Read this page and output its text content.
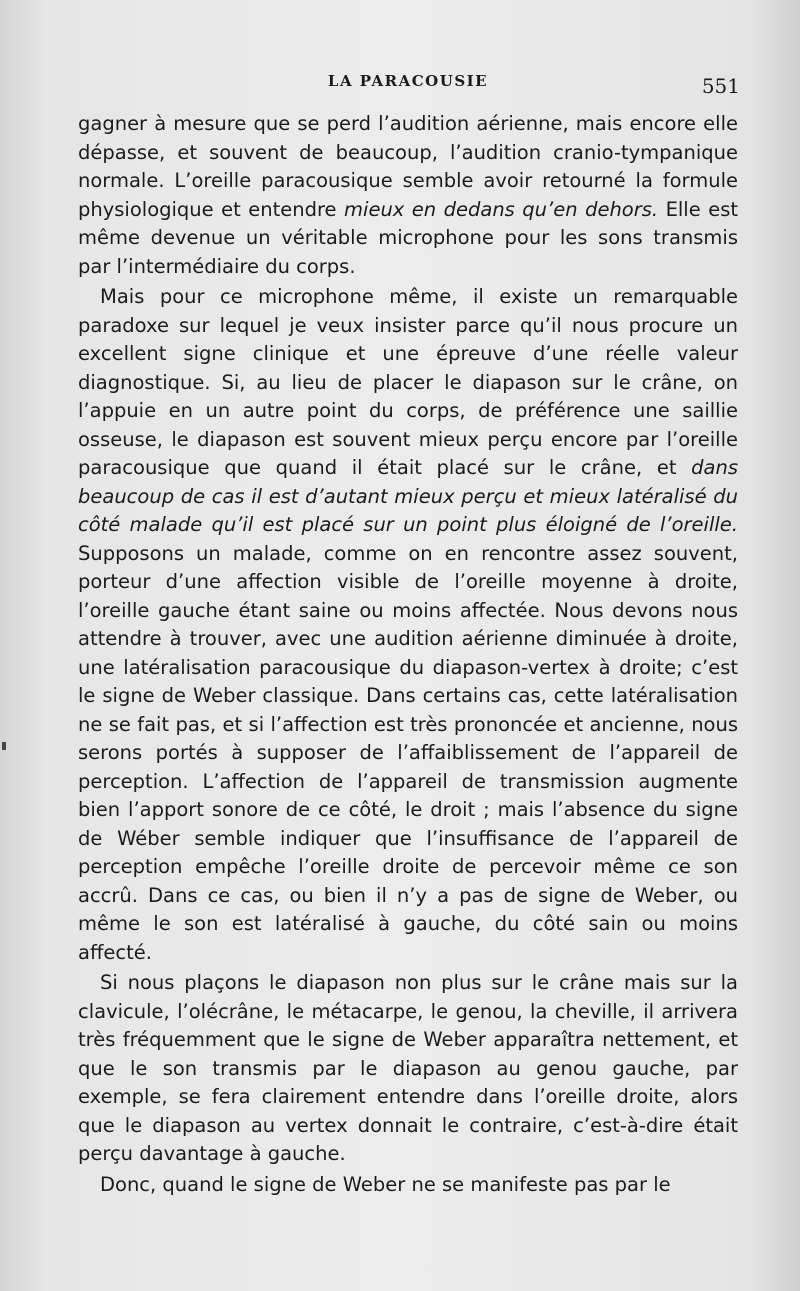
LA PARACOUSIE	551

gagner à mesure que se perd l’audition aérienne, mais encore elle dépasse, et souvent de beaucoup, l’audition cranio-tympanique normale. L’oreille paracousique semble avoir retourné la formule physiologique et entendre mieux en dedans qu’en dehors. Elle est même devenue un véritable microphone pour les sons transmis par l’intermédiaire du corps.

Mais pour ce microphone même, il existe un remarquable paradoxe sur lequel je veux insister parce qu’il nous procure un excellent signe clinique et une épreuve d’une réelle valeur diagnostique. Si, au lieu de placer le diapason sur le crâne, on l’appuie en un autre point du corps, de préférence une saillie osseuse, le diapason est souvent mieux perçu encore par l’oreille paracousique que quand il était placé sur le crâne, et dans beaucoup de cas il est d’autant mieux perçu et mieux latéralisé du côté malade qu’il est placé sur un point plus éloigné de l’oreille. Supposons un malade, comme on en rencontre assez souvent, porteur d’une affection visible de l’oreille moyenne à droite, l’oreille gauche étant saine ou moins affectée. Nous devons nous attendre à trouver, avec une audition aérienne diminuée à droite, une latéralisation paracousique du diapason-vertex à droite; c’est le signe de Weber classique. Dans certains cas, cette latéralisation ne se fait pas, et si l’affection est très prononcée et ancienne, nous serons portés à supposer de l’affaiblissement de l’appareil de perception. L’affection de l’appareil de transmission augmente bien l’apport sonore de ce côté, le droit ; mais l’absence du signe de Wéber semble indiquer que l’insuffisance de l’appareil de perception empêche l’oreille droite de percevoir même ce son accrû. Dans ce cas, ou bien il n’y a pas de signe de Weber, ou même le son est latéralisé à gauche, du côté sain ou moins affecté.

Si nous plaçons le diapason non plus sur le crâne mais sur la clavicule, l’olécrâne, le métacarpe, le genou, la cheville, il arrivera très fréquemment que le signe de Weber apparaîtra nettement, et que le son transmis par le diapason au genou gauche, par exemple, se fera clairement entendre dans l’oreille droite, alors que le diapason au vertex donnait le contraire, c’est-à-dire était perçu davantage à gauche.

Donc, quand le signe de Weber ne se manifeste pas par le
